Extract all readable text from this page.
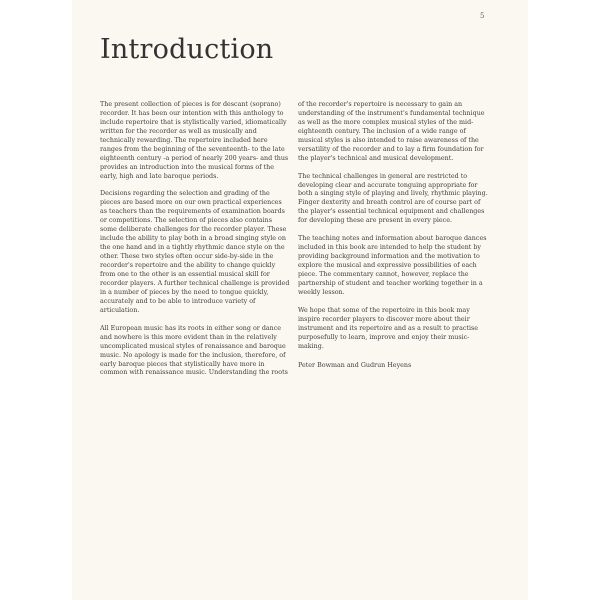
5
Introduction

The present collection of pieces is for descant (soprano) recorder. It has been our intention with this anthology to include repertoire that is stylistically varied, idiomatically written for the recorder as well as musically and technically rewarding. The repertoire included here ranges from the beginning of the seventeenth- to the late eighteenth century -a period of nearly 200 years- and thus provides an introduction into the musical forms of the early, high and late baroque periods.

Decisions regarding the selection and grading of the pieces are based more on our own practical experiences as teachers than the requirements of examination boards or competitions. The selection of pieces also contains some deliberate challenges for the recorder player. These include the ability to play both in a broad singing style on the one hand and in a tightly rhythmic dance style on the other. These two styles often occur side-by-side in the recorder's repertoire and the ability to change quickly from one to the other is an essential musical skill for recorder players. A further technical challenge is provided in a number of pieces by the need to tongue quickly, accurately and to be able to introduce variety of articulation.

All European music has its roots in either song or dance and nowhere is this more evident than in the relatively uncomplicated musical styles of renaissance and baroque music. No apology is made for the inclusion, therefore, of early baroque pieces that stylistically have more in common with renaissance music. Understanding the roots

of the recorder's repertoire is necessary to gain an understanding of the instrument's fundamental technique as well as the more complex musical styles of the mid-eighteenth century. The inclusion of a wide range of musical styles is also intended to raise awareness of the versatility of the recorder and to lay a firm foundation for the player's technical and musical development.

The technical challenges in general are restricted to developing clear and accurate tonguing appropriate for both a singing style of playing and lively, rhythmic playing. Finger dexterity and breath control are of course part of the player's essential technical equipment and challenges for developing these are present in every piece.

The teaching notes and information about baroque dances included in this book are intended to help the student by providing background information and the motivation to explore the musical and expressive possibilities of each piece. The commentary cannot, however, replace the partnership of student and teacher working together in a weekly lesson.

We hope that some of the repertoire in this book may inspire recorder players to discover more about their instrument and its repertoire and as a result to practise purposefully to learn, improve and enjoy their music-making.

Peter Bowman and Gudrun Heyens
